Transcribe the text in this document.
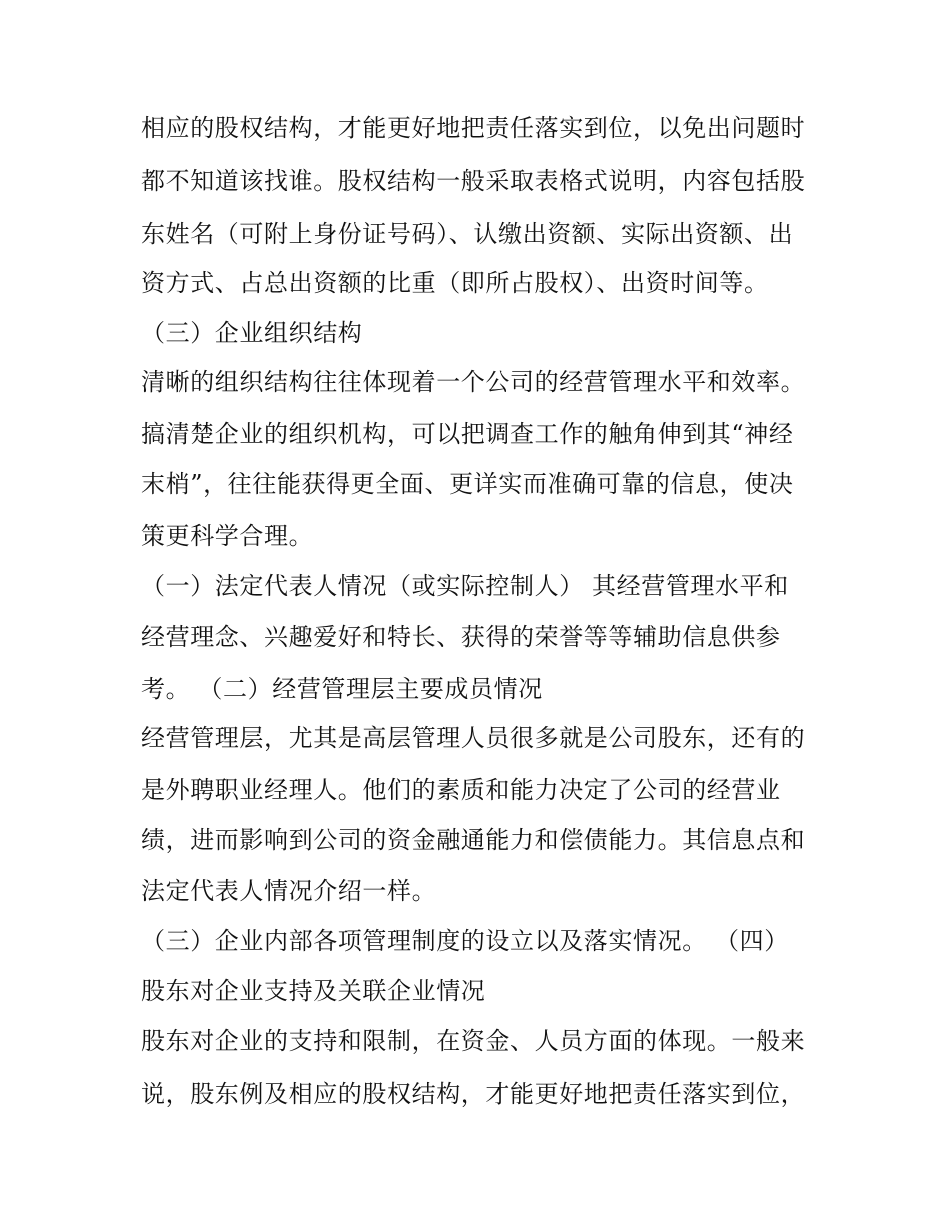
相应的股权结构，才能更好地把责任落实到位，以免出问题时
都不知道该找谁。股权结构一般采取表格式说明，内容包括股
东姓名（可附上身份证号码）、认缴出资额、实际出资额、出
资方式、占总出资额的比重（即所占股权）、出资时间等。
（三）企业组织结构
清晰的组织结构往往体现着一个公司的经营管理水平和效率。
搞清楚企业的组织机构，可以把调查工作的触角伸到其“神经
末梢”，往往能获得更全面、更详实而准确可靠的信息，使决
策更科学合理。
（一）法定代表人情况（或实际控制人） 其经营管理水平和
经营理念、兴趣爱好和特长、获得的荣誉等等辅助信息供参
考。 （二）经营管理层主要成员情况
经营管理层，尤其是高层管理人员很多就是公司股东，还有的
是外聘职业经理人。他们的素质和能力决定了公司的经营业
绩，进而影响到公司的资金融通能力和偿债能力。其信息点和
法定代表人情况介绍一样。
（三）企业内部各项管理制度的设立以及落实情况。 （四）
股东对企业支持及关联企业情况
股东对企业的支持和限制，在资金、人员方面的体现。一般来
说，股东例及相应的股权结构，才能更好地把责任落实到位，
